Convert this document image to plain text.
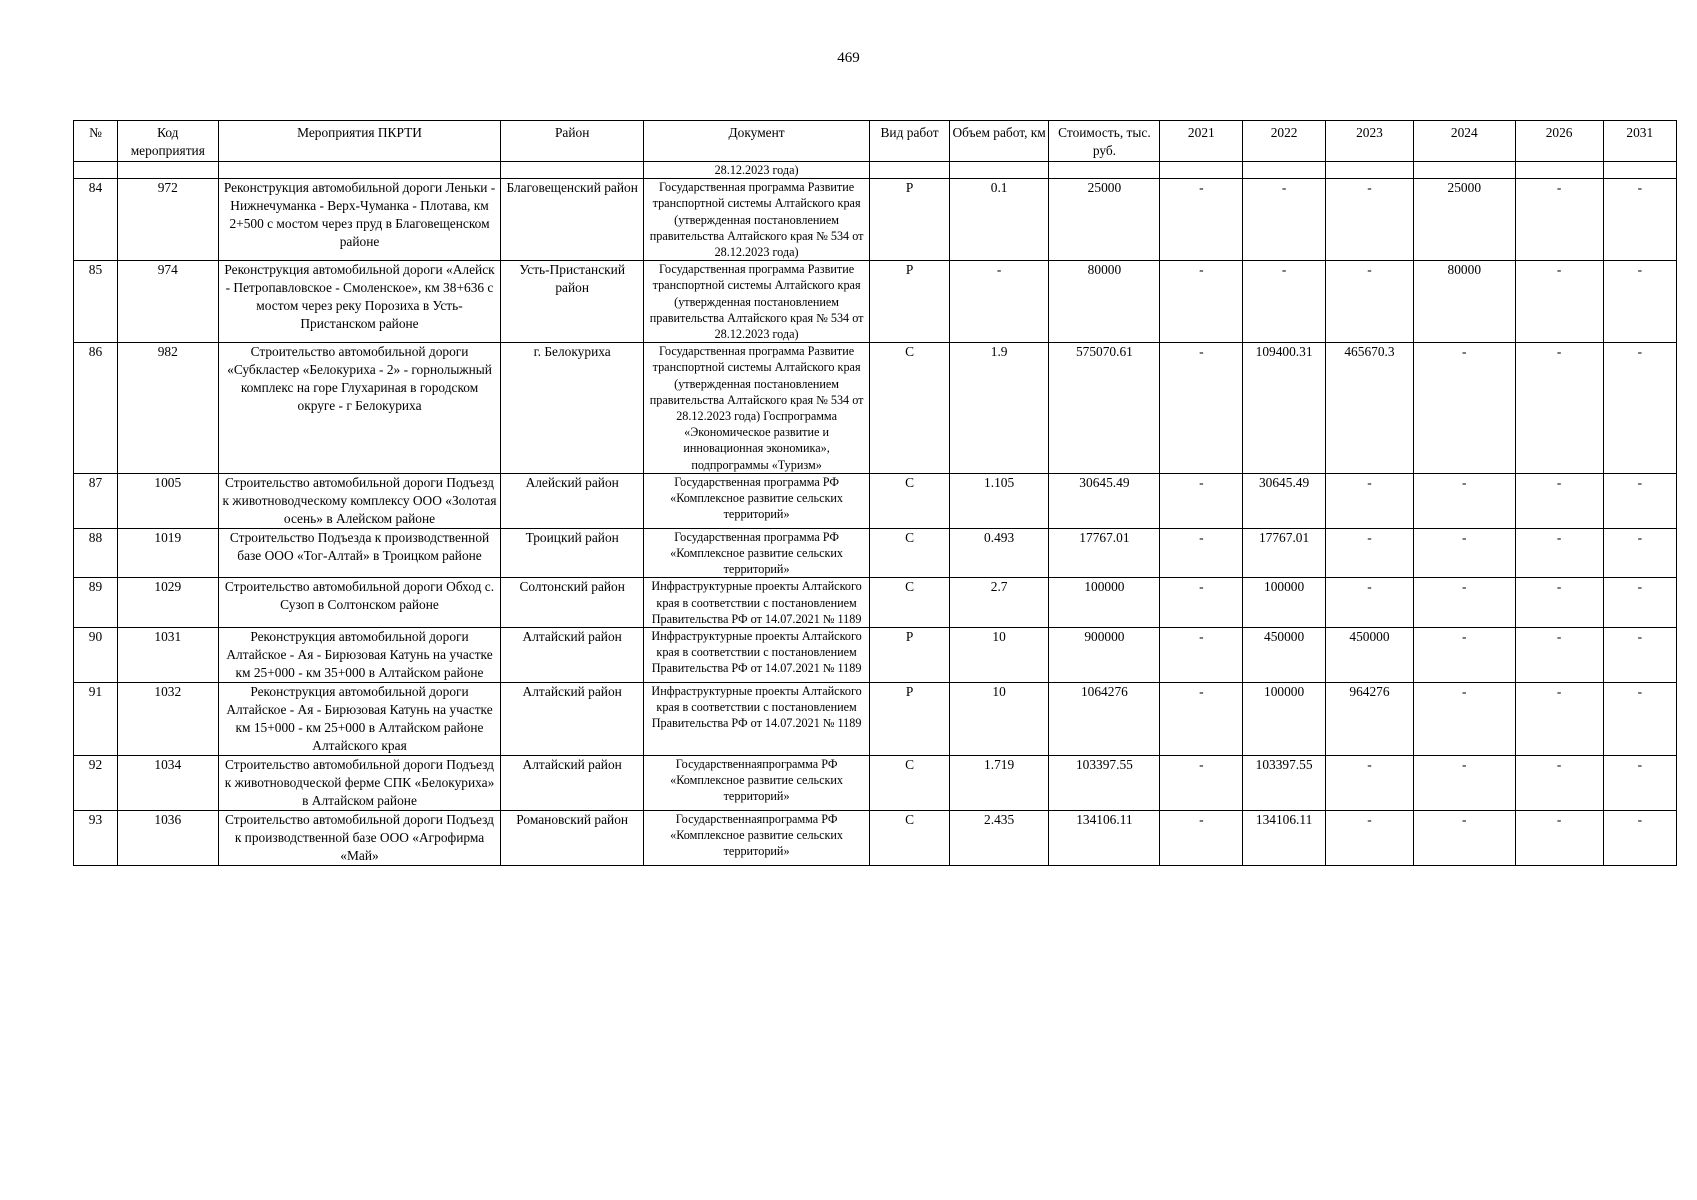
469
№	Код мероприятия	Мероприятия ПКРТИ	Район	Документ	Вид работ	Объем работ, км	Стоимость, тыс. руб.	2021	2022	2023	2024	2026	2031
				28.12.2023 года)									
84	972	Реконструкция автомобильной дороги Леньки - Нижнечуманка - Верх-Чуманка - Плотава, км 2+500 с мостом через пруд в Благовещенском районе	Благовещенский район	Государственная программа Развитие транспортной системы Алтайского края (утвержденная постановлением правительства Алтайского края № 534 от 28.12.2023 года)	Р	0.1	25000	-	-	-	25000	-	-
85	974	Реконструкция автомобильной дороги «Алейск - Петропавловское - Смоленское», км 38+636 с мостом через реку Порозиха в Усть-Пристанском районе	Усть-Пристанский район	Государственная программа Развитие транспортной системы Алтайского края (утвержденная постановлением правительства Алтайского края № 534 от 28.12.2023 года)	Р	-	80000	-	-	-	80000	-	-
86	982	Строительство автомобильной дороги «Субкластер «Белокуриха - 2» - горнолыжный комплекс на горе Глухариная в городском округе - г Белокуриха	г. Белокуриха	Государственная программа Развитие транспортной системы Алтайского края (утвержденная постановлением правительства Алтайского края № 534 от 28.12.2023 года) Госпрограмма «Экономическое развитие и инновационная экономика», подпрограммы «Туризм»	С	1.9	575070.61	-	109400.31	465670.3	-	-	-
87	1005	Строительство автомобильной дороги Подъезд к животноводческому комплексу ООО «Золотая осень» в Алейском районе	Алейский район	Государственная программа РФ «Комплексное развитие сельских территорий»	С	1.105	30645.49	-	30645.49	-	-	-	-
88	1019	Строительство Подъезда к производственной базе ООО «Тог-Алтай» в Троицком районе	Троицкий район	Государственная программа РФ «Комплексное развитие сельских территорий»	С	0.493	17767.01	-	17767.01	-	-	-	-
89	1029	Строительство автомобильной дороги Обход с. Сузоп в Солтонском районе	Солтонский район	Инфраструктурные проекты Алтайского края в соответствии с постановлением Правительства РФ от 14.07.2021 № 1189	С	2.7	100000	-	100000	-	-	-	-
90	1031	Реконструкция автомобильной дороги Алтайское - Ая - Бирюзовая Катунь на участке км 25+000 - км 35+000 в Алтайском районе	Алтайский район	Инфраструктурные проекты Алтайского края в соответствии с постановлением Правительства РФ от 14.07.2021 № 1189	Р	10	900000	-	450000	450000	-	-	-
91	1032	Реконструкция автомобильной дороги Алтайское - Ая - Бирюзовая Катунь на участке км 15+000 - км 25+000 в Алтайском районе Алтайского края	Алтайский район	Инфраструктурные проекты Алтайского края в соответствии с постановлением Правительства РФ от 14.07.2021 № 1189	Р	10	1064276	-	100000	964276	-	-	-
92	1034	Строительство автомобильной дороги Подъезд к животноводческой ферме СПК «Белокуриха» в Алтайском районе	Алтайский район	Государственнаяпрограмма РФ «Комплексное развитие сельских территорий»	С	1.719	103397.55	-	103397.55	-	-	-	-
93	1036	Строительство автомобильной дороги Подъезд к производственной базе ООО «Агрофирма «Май»	Романовский район	Государственнаяпрограмма РФ «Комплексное развитие сельских территорий»	С	2.435	134106.11	-	134106.11	-	-	-	-
